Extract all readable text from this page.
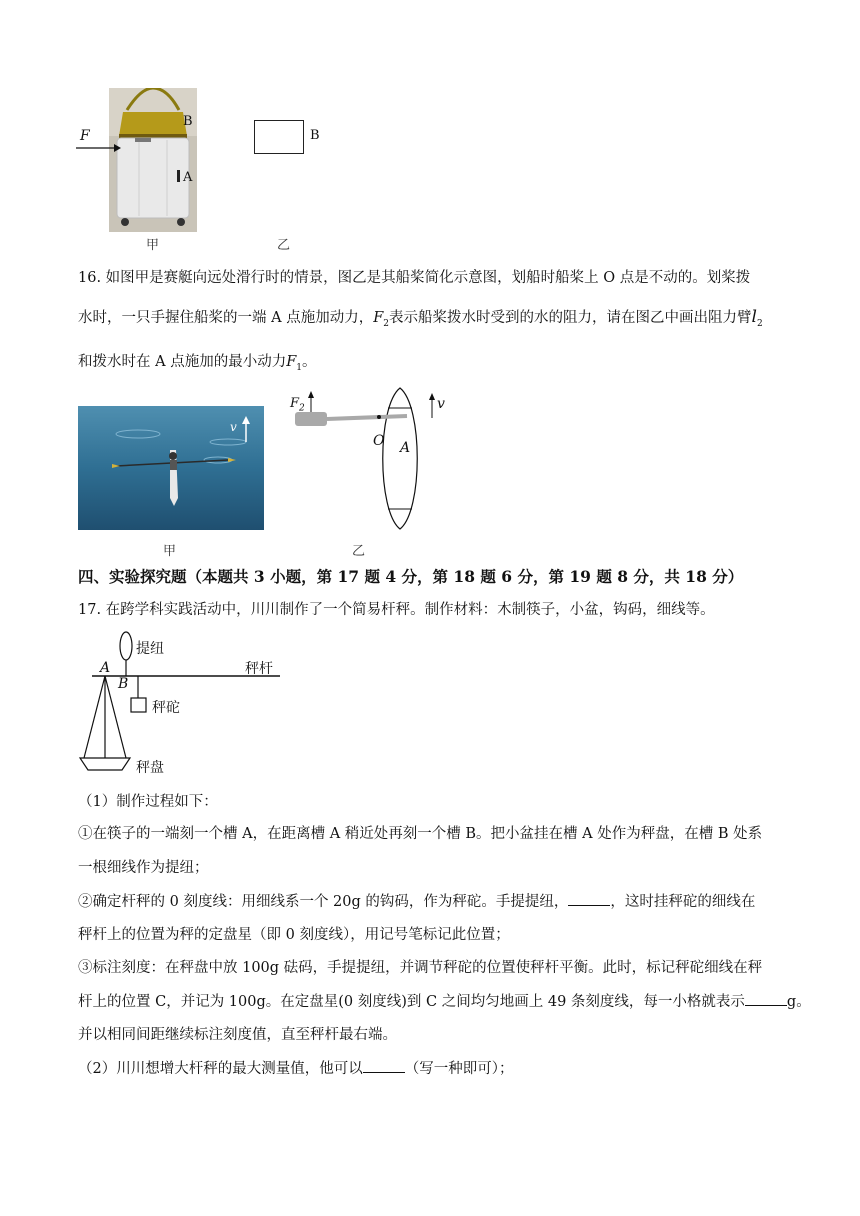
F
B
A
B
甲	乙
16. 如图甲是赛艇向远处滑行时的情景，图乙是其船桨简化示意图，划船时船桨上 O 点是不动的。划桨拨
水时，一只手握住船桨的一端 A 点施加动力，$F_2$表示船桨拨水时受到的水的阻力，请在图乙中画出阻力臂$l_2$
和拨水时在 A 点施加的最小动力$F_1$。
v
甲
$F_2$
O A
v
乙
四、实验探究题（本题共 3 小题，第 17 题 4 分，第 18 题 6 分，第 19 题 8 分，共 18 分）
17. 在跨学科实践活动中，川川制作了一个简易杆秤。制作材料：木制筷子，小盆，钩码，细线等。
提纽
秤杆
A
B
秤砣
秤盘
（1）制作过程如下：
①在筷子的一端刻一个槽 A，在距离槽 A 稍近处再刻一个槽 B。把小盆挂在槽 A 处作为秤盘，在槽 B 处系
一根细线作为提纽；
②确定杆秤的 0 刻度线：用细线系一个 20g 的钩码，作为秤砣。手提提纽，	，这时挂秤砣的细线在
秤杆上的位置为秤的定盘星（即 0 刻度线），用记号笔标记此位置；
③标注刻度：在秤盘中放 100g 砝码，手提提纽，并调节秤砣的位置使秤杆平衡。此时，标记秤砣细线在秤
杆上的位置 C，并记为 100g。在定盘星(0 刻度线)到 C 之间均匀地画上 49 条刻度线，每一小格就表示	g。
并以相同间距继续标注刻度值，直至秤杆最右端。
（2）川川想增大杆秤的最大测量值，他可以	（写一种即可）；
